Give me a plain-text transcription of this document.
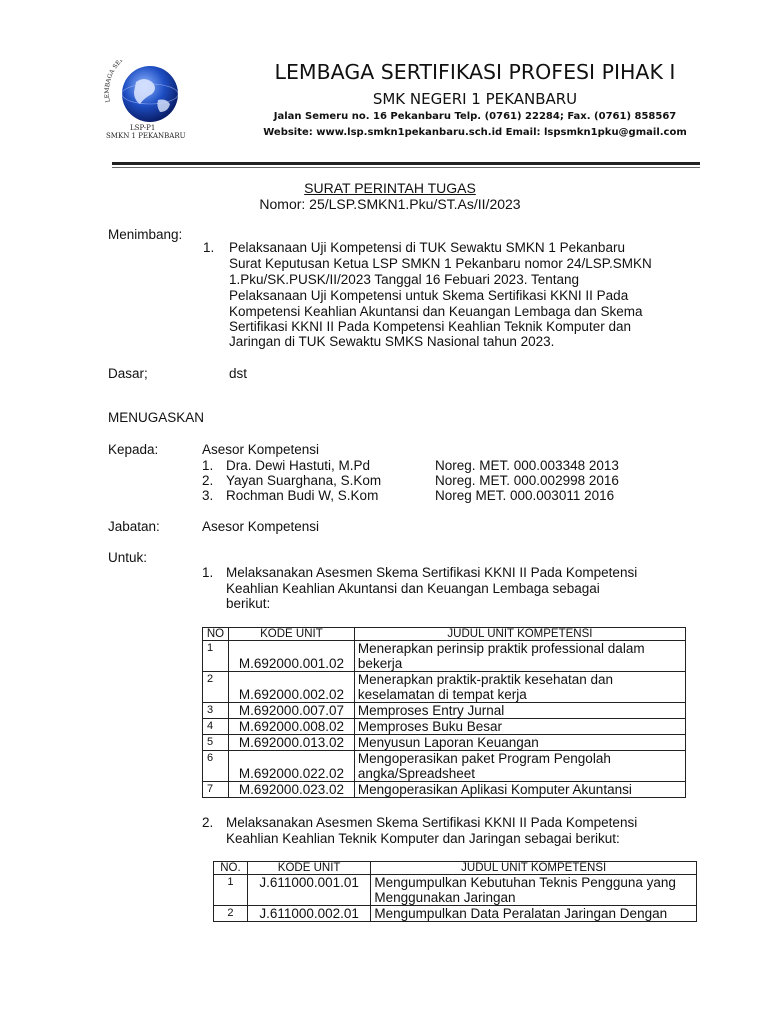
LEMBAGA SE
LSP-P1
SMKN 1 PEKANBARU
LEMBAGA SERTIFIKASI PROFESI PIHAK I
SMK NEGERI 1 PEKANBARU
Jalan Semeru no. 16 Pekanbaru Telp. (0761) 22284; Fax. (0761) 858567
Website: www.lsp.smkn1pekanbaru.sch.id Email: lspsmkn1pku@gmail.com
SURAT PERINTAH TUGAS
Nomor: 25/LSP.SMKN1.Pku/ST.As/II/2023
Menimbang:
1. Pelaksanaan Uji Kompetensi di TUK Sewaktu SMKN 1 Pekanbaru
Surat Keputusan Ketua LSP SMKN 1 Pekanbaru nomor 24/LSP.SMKN
1.Pku/SK.PUSK/II/2023 Tanggal 16 Febuari 2023. Tentang
Pelaksanaan Uji Kompetensi untuk Skema Sertifikasi KKNI II Pada
Kompetensi Keahlian Akuntansi dan Keuangan Lembaga dan Skema
Sertifikasi KKNI II Pada Kompetensi Keahlian Teknik Komputer dan
Jaringan di TUK Sewaktu SMKS Nasional tahun 2023.
Dasar;	dst
MENUGASKAN
Kepada:	Asesor Kompetensi
1. Dra. Dewi Hastuti, M.Pd	Noreg. MET. 000.003348 2013
2. Yayan Suarghana, S.Kom	Noreg. MET. 000.002998 2016
3. Rochman Budi W, S.Kom	Noreg MET. 000.003011 2016
Jabatan:	Asesor Kompetensi
Untuk:
1. Melaksanakan Asesmen Skema Sertifikasi KKNI II Pada Kompetensi
Keahlian Keahlian Akuntansi dan Keuangan Lembaga sebagai
berikut:
NO	KODE UNIT	JUDUL UNIT KOMPETENSI
1	M.692000.001.02	Menerapkan perinsip praktik professional dalam
bekerja

2	M.692000.002.02	Menerapkan praktik-praktik kesehatan dan
keselamatan di tempat kerja

3	M.692000.007.07	Memproses Entry Jurnal
4	M.692000.008.02	Memproses Buku Besar
5	M.692000.013.02	Menyusun Laporan Keuangan
6	M.692000.022.02	Mengoperasikan paket Program Pengolah
angka/Spreadsheet

7	M.692000.023.02	Mengoperasikan Aplikasi Komputer Akuntansi
2. Melaksanakan Asesmen Skema Sertifikasi KKNI II Pada Kompetensi
Keahlian Keahlian Teknik Komputer dan Jaringan sebagai berikut:
NO.	KODE UNIT	JUDUL UNIT KOMPETENSI
1	J.611000.001.01	Mengumpulkan Kebutuhan Teknis Pengguna yang
Menggunakan Jaringan

2	J.611000.002.01	Mengumpulkan Data Peralatan Jaringan Dengan
